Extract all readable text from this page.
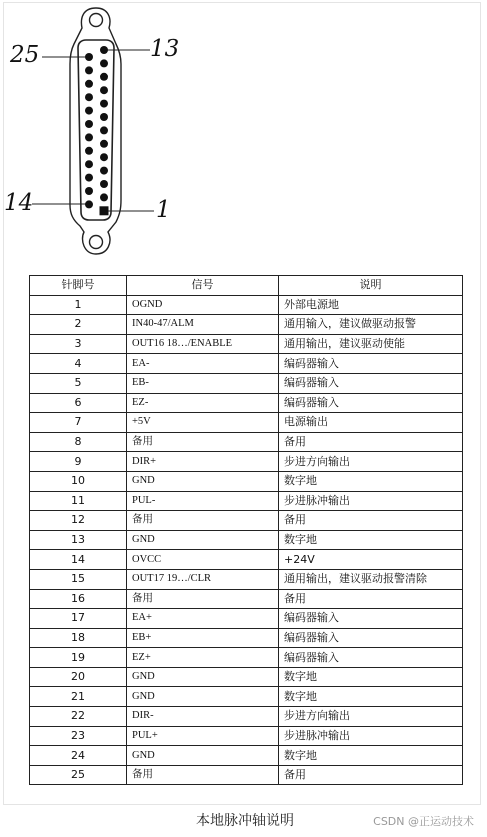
25	13
14	1
针脚号	信号	说明
1	OGND	外部电源地
2	IN40-47/ALM	通用输入，建议做驱动报警
3	OUT16 18…/ENABLE	通用输出，建议驱动使能
4	EA-	编码器输入
5	EB-	编码器输入
6	EZ-	编码器输入
7	+5V	电源输出
8	备用	备用
9	DIR+	步进方向输出
10	GND	数字地
11	PUL-	步进脉冲输出
12	备用	备用
13	GND	数字地
14	OVCC	+24V
15	OUT17 19…/CLR	通用输出，建议驱动报警清除
16	备用	备用
17	EA+	编码器输入
18	EB+	编码器输入
19	EZ+	编码器输入
20	GND	数字地
21	GND	数字地
22	DIR-	步进方向输出
23	PUL+	步进脉冲输出
24	GND	数字地
25	备用	备用
本地脉冲轴说明	CSDN @正运动技术
